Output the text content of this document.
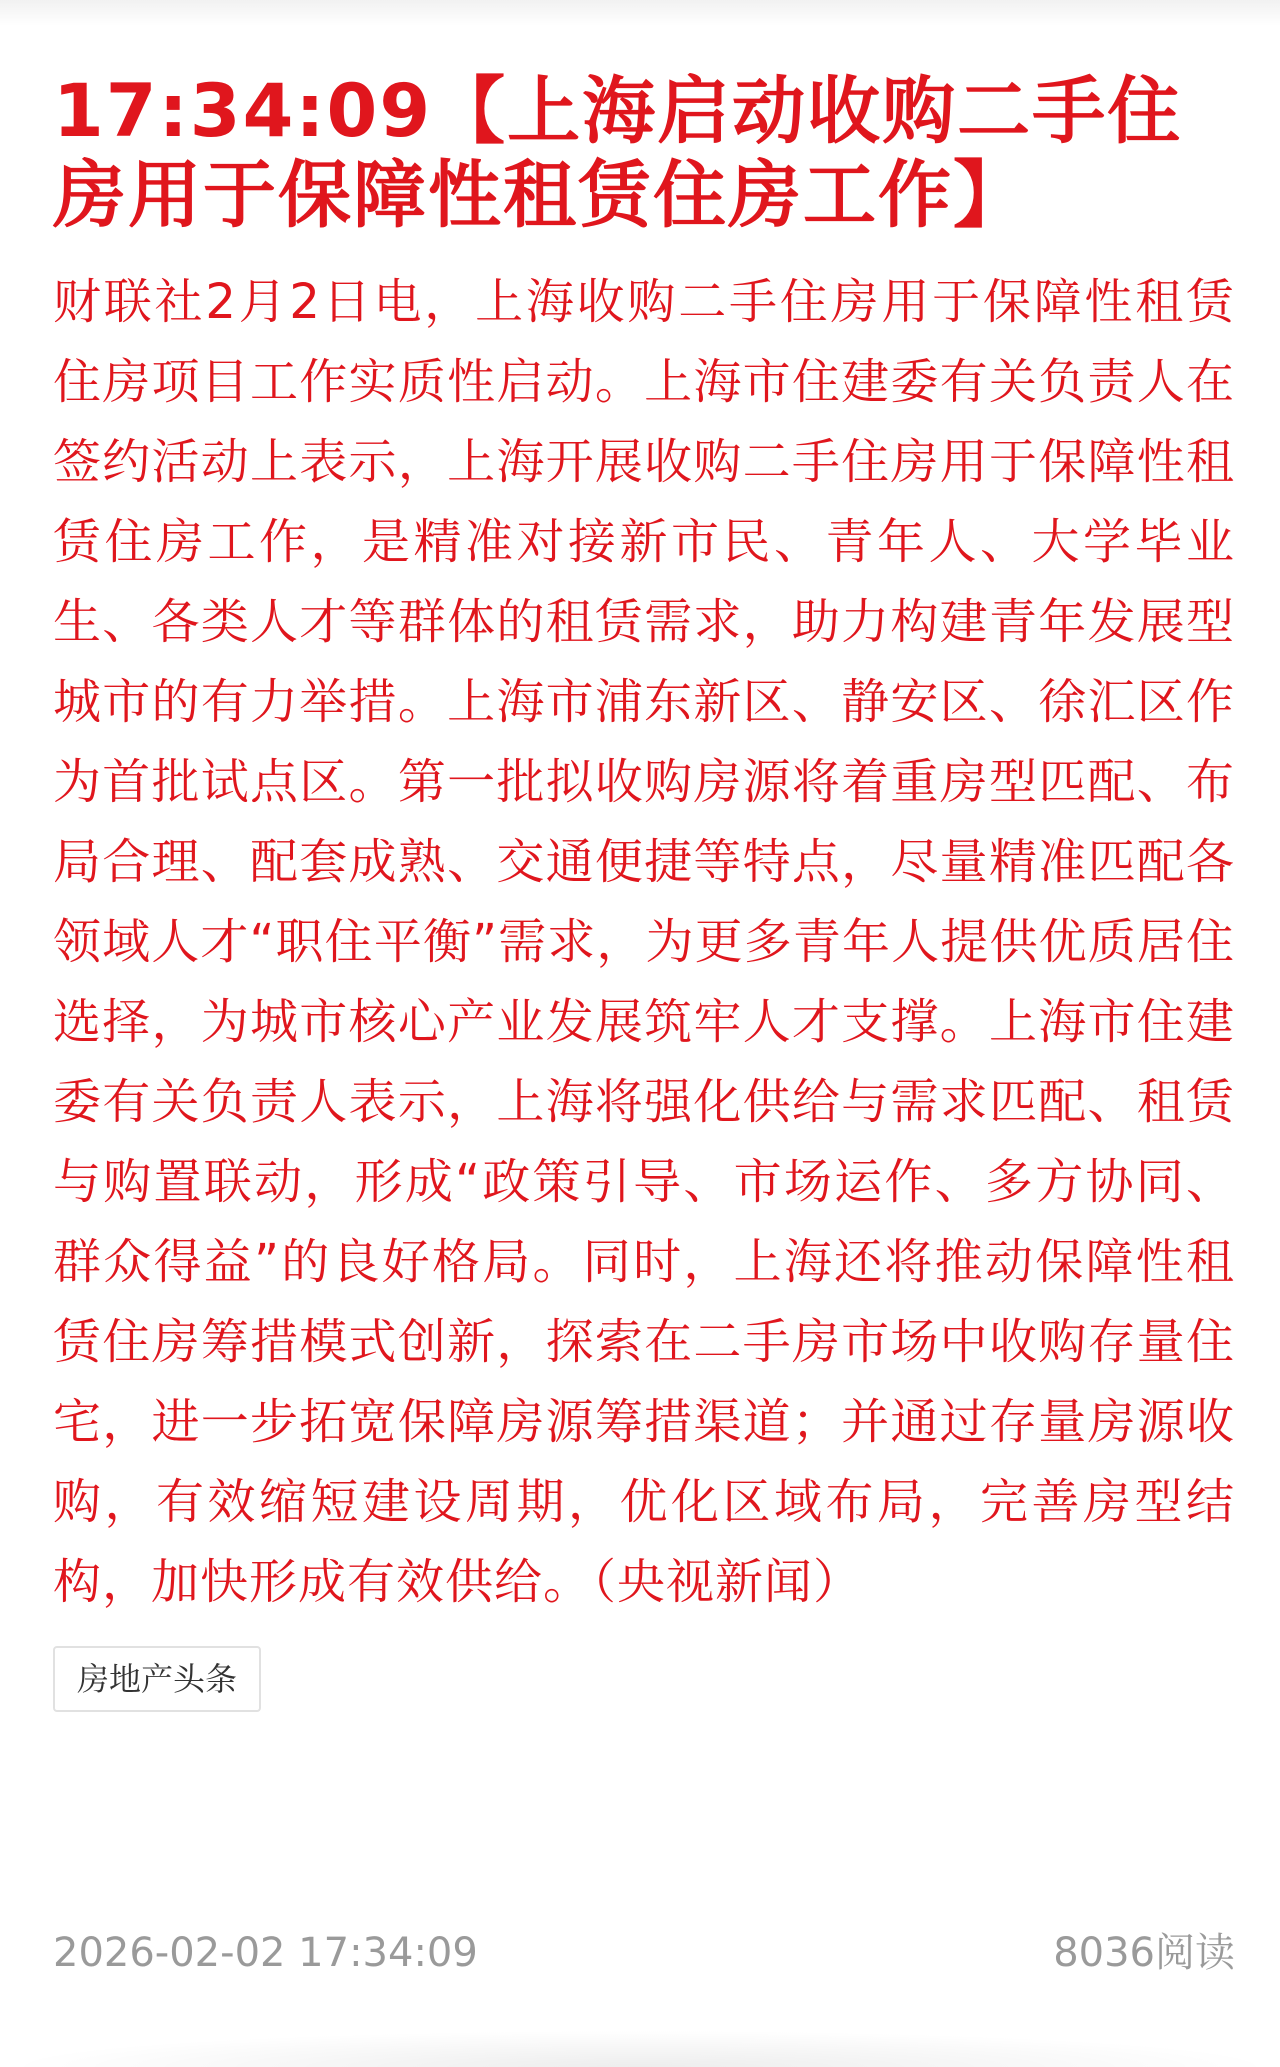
17:34:09【上海启动收购二手住房用于保障性租赁住房工作】

财联社2月2日电，上海收购二手住房用于保障性租赁住房项目工作实质性启动。上海市住建委有关负责人在签约活动上表示，上海开展收购二手住房用于保障性租赁住房工作，是精准对接新市民、青年人、大学毕业生、各类人才等群体的租赁需求，助力构建青年发展型城市的有力举措。上海市浦东新区、静安区、徐汇区作为首批试点区。第一批拟收购房源将着重房型匹配、布局合理、配套成熟、交通便捷等特点，尽量精准匹配各领域人才“职住平衡”需求，为更多青年人提供优质居住选择，为城市核心产业发展筑牢人才支撑。上海市住建委有关负责人表示，上海将强化供给与需求匹配、租赁与购置联动，形成“政策引导、市场运作、多方协同、群众得益”的良好格局。同时，上海还将推动保障性租赁住房筹措模式创新，探索在二手房市场中收购存量住宅，进一步拓宽保障房源筹措渠道；并通过存量房源收购，有效缩短建设周期，优化区域布局，完善房型结构，加快形成有效供给。（央视新闻）

房地产头条
2026-02-02 17:34:09	8036阅读
